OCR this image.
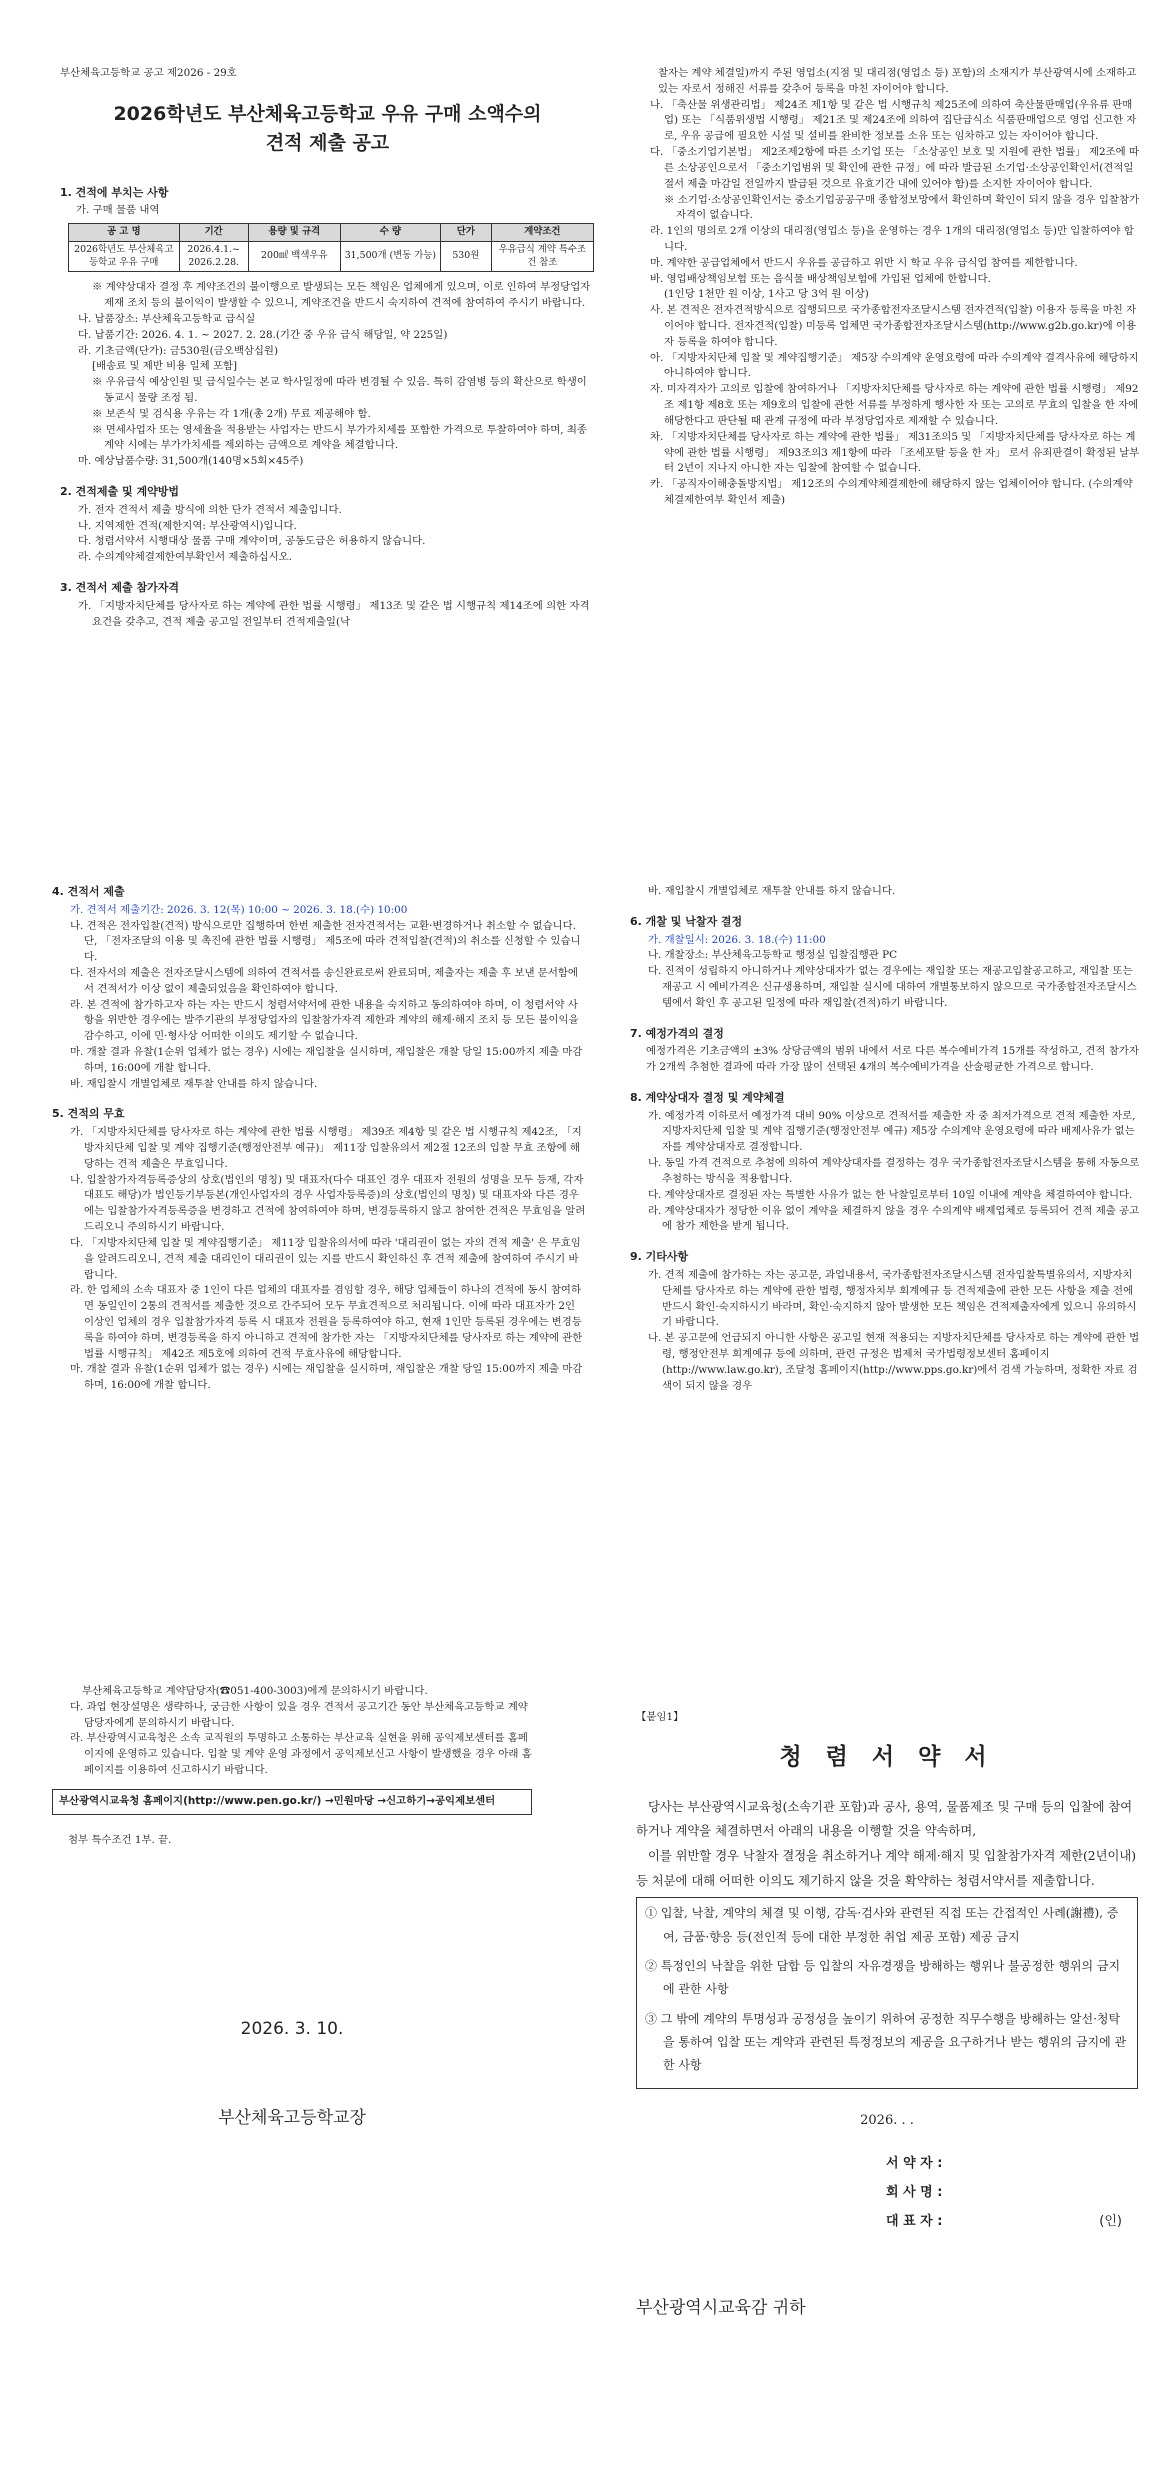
부산체육고등학교 공고 제2026 - 29호
2026학년도 부산체육고등학교 우유 구매 소액수의
견적 제출 공고
1. 견적에 부치는 사항

가. 구매 물품 내역

공 고 명	기간	용량 및 규격	수 량	단가	계약조건
2026학년도 부산체육고등학교 우유 구매	2026.4.1.~ 2026.2.28.	200㎖ 백색우유	31,500개 (변동 가능)	530원	우유급식 계약 특수조건 참조

※ 계약상대자 결정 후 계약조건의 불이행으로 발생되는 모든 책임은 업체에게 있으며, 이로 인하여 부정당업자 제재 조치 등의 불이익이 발생할 수 있으니, 계약조건을 반드시 숙지하여 견적에 참여하여 주시기 바랍니다.

나. 납품장소: 부산체육고등학교 급식실

다. 납품기간: 2026. 4. 1. ~ 2027. 2. 28.(기간 중 우유 급식 해당일, 약 225일)

라. 기초금액(단가): 금530원(금오백삼십원)

[배송료 및 제반 비용 일체 포함]

※ 우유급식 예상인원 및 급식일수는 본교 학사일정에 따라 변경될 수 있음. 특히 감염병 등의 확산으로 학생이동교시 물량 조정 됨.

※ 보존식 및 검식용 우유는 각 1개(총 2개) 무료 제공해야 함.

※ 면세사업자 또는 영세율을 적용받는 사업자는 반드시 부가가치세를 포함한 가격으로 투찰하여야 하며, 최종계약 시에는 부가가치세를 제외하는 금액으로 계약을 체결합니다.

마. 예상납품수량: 31,500개(140명×5회×45주)

2. 견적제출 및 계약방법

가. 전자 견적서 제출 방식에 의한 단가 견적서 제출입니다.

나. 지역제한 견적(제한지역: 부산광역시)입니다.

다. 청렴서약서 시행대상 물품 구매 계약이며, 공동도급은 허용하지 않습니다.

라. 수의계약체결제한여부확인서 제출하십시오.

3. 견적서 제출 참가자격

가. 「지방자치단체를 당사자로 하는 계약에 관한 법률 시행령」 제13조 및 같은 법 시행규칙 제14조에 의한 자격요건을 갖추고, 견적 제출 공고일 전일부터 견적제출일(낙

찰자는 계약 체결일)까지 주된 영업소(지점 및 대리점(영업소 등) 포함)의 소재지가 부산광역시에 소재하고 있는 자로서 정해진 서류를 갖추어 등록을 마친 자이어야 합니다.

나. 「축산물 위생관리법」 제24조 제1항 및 같은 법 시행규칙 제25조에 의하여 축산물판매업(우유류 판매업) 또는 「식품위생법 시행령」 제21조 및 제24조에 의하여 집단급식소 식품판매업으로 영업 신고한 자로, 우유 공급에 필요한 시설 및 설비를 완비한 정보를 소유 또는 임차하고 있는 자이어야 합니다.

다. 「중소기업기본법」 제2조제2항에 따른 소기업 또는 「소상공인 보호 및 지원에 관한 법률」 제2조에 따른 소상공인으로서 「중소기업범위 및 확인에 관한 규정」에 따라 발급된 소기업·소상공인확인서(견적일절서 제출 마감일 전일까지 발급된 것으로 유효기간 내에 있어야 함)를 소지한 자이어야 합니다.

※ 소기업·소상공인확인서는 중소기업공공구매 종합정보망에서 확인하며 확인이 되지 않을 경우 입찰참가 자격이 없습니다.

라. 1인의 명의로 2개 이상의 대리점(영업소 등)을 운영하는 경우 1개의 대리점(영업소 등)만 입찰하여야 합니다.

마. 계약한 공급업체에서 반드시 우유를 공급하고 위반 시 학교 우유 급식업 참여를 제한합니다.

바. 영업배상책임보험 또는 음식물 배상책임보험에 가입된 업체에 한합니다.

(1인당 1천만 원 이상, 1사고 당 3억 원 이상)

사. 본 견적은 전자견적방식으로 집행되므로 국가종합전자조달시스템 전자견적(입찰) 이용자 등록을 마친 자이어야 합니다. 전자견적(입찰) 미등록 업체면 국가종합전자조달시스템(http://www.g2b.go.kr)에 이용자 등록을 하여야 합니다.

아. 「지방자치단체 입찰 및 계약집행기준」 제5장 수의계약 운영요령에 따라 수의계약 결격사유에 해당하지 아니하여야 합니다.

자. 미자격자가 고의로 입찰에 참여하거나 「지방자치단체를 당사자로 하는 계약에 관한 법률 시행령」 제92조 제1항 제8호 또는 제9호의 입찰에 관한 서류를 부정하게 행사한 자 또는 고의로 무효의 입찰을 한 자에 해당한다고 판단될 때 관계 규정에 따라 부정당업자로 제재할 수 있습니다.

차. 「지방자치단체를 당사자로 하는 계약에 관한 법률」 제31조의5 및 「지방자치단체를 당사자로 하는 계약에 관한 법률 시행령」 제93조의3 제1항에 따라 「조세포탈 등을 한 자」 로서 유죄판결이 확정된 날부터 2년이 지나지 아니한 자는 입찰에 참여할 수 없습니다.

카. 「공직자이해충돌방지법」 제12조의 수의계약체결제한에 해당하지 않는 업체이어야 합니다. (수의계약체결제한여부 확인서 제출)

4. 견적서 제출

가. 견적서 제출기간: 2026. 3. 12(목) 10:00 ~ 2026. 3. 18.(수) 10:00

나. 견적은 전자입찰(견적) 방식으로만 집행하며 한번 제출한 전자견적서는 교환·변경하거나 취소할 수 없습니다. 단, 「전자조달의 이용 및 촉진에 관한 법률 시행령」 제5조에 따라 견적입찰(견적)의 취소를 신청할 수 있습니다.

다. 전자서의 제출은 전자조달시스템에 의하여 견적서를 송신완료로써 완료되며, 제출자는 제출 후 보낸 문서함에서 견적서가 이상 없이 제출되었음을 확인하여야 합니다.

라. 본 견적에 참가하고자 하는 자는 반드시 청렴서약서에 관한 내용을 숙지하고 동의하여야 하며, 이 청렴서약 사항을 위반한 경우에는 발주기관의 부정당업자의 입찰참가자격 제한과 계약의 해제·해지 조치 등 모든 불이익을 감수하고, 이에 민·형사상 어떠한 이의도 제기할 수 없습니다.

마. 개찰 결과 유찰(1순위 업체가 없는 경우) 시에는 재입찰을 실시하며, 재입찰은 개찰 당일 15:00까지 제출 마감하며, 16:00에 개찰 합니다.

바. 재입찰시 개별업체로 재투찰 안내를 하지 않습니다.

5. 견적의 무효

가. 「지방자치단체를 당사자로 하는 계약에 관한 법률 시행령」 제39조 제4항 및 같은 법 시행규칙 제42조, 「지방자치단체 입찰 및 계약 집행기준(행정안전부 예규)」 제11장 입찰유의서 제2절 12조의 입찰 무효 조항에 해당하는 견적 제출은 무효입니다.

나. 입찰참가자격등록증상의 상호(법인의 명칭) 및 대표자(다수 대표인 경우 대표자 전원의 성명을 모두 등재, 각자 대표도 해당)가 법인등기부등본(개인사업자의 경우 사업자등록증)의 상호(법인의 명칭) 및 대표자와 다른 경우에는 입찰참가자격등록증을 변경하고 견적에 참여하여야 하며, 변경등록하지 않고 참여한 견적은 무효임을 알려드리오니 주의하시기 바랍니다.

다. 「지방자치단체 입찰 및 계약집행기준」 제11장 입찰유의서에 따라 '대리권이 없는 자의 견적 제출' 은 무효임을 알려드리오니, 견적 제출 대리인이 대리권이 있는 지를 반드시 확인하신 후 견적 제출에 참여하여 주시기 바랍니다.

라. 한 업체의 소속 대표자 중 1인이 다른 업체의 대표자를 겸임할 경우, 해당 업체들이 하나의 견적에 동시 참여하면 동일인이 2통의 견적서를 제출한 것으로 간주되어 모두 무효견적으로 처리됩니다. 이에 따라 대표자가 2인 이상인 업체의 경우 입찰참가자격 등록 시 대표자 전원을 등록하여야 하고, 현재 1인만 등록된 경우에는 변경등록을 하여야 하며, 변경등록을 하지 아니하고 견적에 참가한 자는 「지방자치단체를 당사자로 하는 계약에 관한 법률 시행규칙」 제42조 제5호에 의하여 견적 무효사유에 해당합니다.

마. 개찰 결과 유찰(1순위 업체가 없는 경우) 시에는 재입찰을 실시하며, 재입찰은 개찰 당일 15:00까지 제출 마감하며, 16:00에 개찰 합니다.

바. 재입찰시 개별업체로 재투찰 안내를 하지 않습니다.

6. 개찰 및 낙찰자 결정

가. 개찰일시: 2026. 3. 18.(수) 11:00

나. 개찰장소: 부산체육고등학교 행정실 입찰집행관 PC

다. 진적이 성립하지 아니하거나 계약상대자가 없는 경우에는 재입찰 또는 재공고입찰공고하고, 재입찰 또는 재공고 시 예비가격은 신규생용하며, 재입찰 실시에 대하여 개별통보하지 않으므로 국가종합전자조달시스템에서 확인 후 공고된 일정에 따라 재입찰(견적)하기 바랍니다.

7. 예정가격의 결정

예정가격은 기초금액의 ±3% 상당금액의 범위 내에서 서로 다른 복수예비가격 15개를 작성하고, 견적 참가자가 2개씩 추첨한 결과에 따라 가장 많이 선택된 4개의 복수예비가격을 산술평균한 가격으로 합니다.

8. 계약상대자 결정 및 계약체결

가. 예정가격 이하로서 예정가격 대비 90% 이상으로 견적서를 제출한 자 중 최저가격으로 견적 제출한 자로, 지방자치단체 입찰 및 계약 집행기준(행정안전부 예규) 제5장 수의계약 운영요령에 따라 배제사유가 없는 자를 계약상대자로 결정합니다.

나. 동일 가격 견적으로 추첨에 의하여 계약상대자를 결정하는 경우 국가종합전자조달시스템을 통해 자동으로 추첨하는 방식을 적용합니다.

다. 계약상대자로 결정된 자는 특별한 사유가 없는 한 낙찰일로부터 10일 이내에 계약을 체결하여야 합니다.

라. 계약상대자가 정당한 이유 없이 계약을 체결하지 않을 경우 수의계약 배제업체로 등록되어 견적 제출 공고에 참가 제한을 받게 됩니다.

9. 기타사항

가. 견적 제출에 참가하는 자는 공고문, 과업내용서, 국가종합전자조달시스템 전자입찰특별유의서, 지방자치단체를 당사자로 하는 계약에 관한 법령, 행정자치부 회계예규 등 견적제출에 관한 모든 사항을 제출 전에 반드시 확인·숙지하시기 바라며, 확인·숙지하지 않아 발생한 모든 책임은 견적제출자에게 있으니 유의하시기 바랍니다.

나. 본 공고문에 언급되지 아니한 사항은 공고일 현재 적용되는 지방자치단체를 당사자로 하는 계약에 관한 법령, 행정안전부 회계예규 등에 의하며, 관련 규정은 법제처 국가법령정보센터 홈페이지(http://www.law.go.kr), 조달청 홈페이지(http://www.pps.go.kr)에서 검색 가능하며, 정확한 자료 검색이 되지 않을 경우

부산체육고등학교 계약담당자(☎051-400-3003)에게 문의하시기 바랍니다.

다. 과업 현장설명은 생략하나, 궁금한 사항이 있을 경우 견적서 공고기간 동안 부산체육고등학교 계약담당자에게 문의하시기 바랍니다.

라. 부산광역시교육청은 소속 교직원의 투명하고 소통하는 부산교육 실현을 위해 공익제보센터를 홈페이지에 운영하고 있습니다. 입찰 및 계약 운영 과정에서 공익제보신고 사항이 발생했을 경우 아래 홈페이지를 이용하여 신고하시기 바랍니다.

부산광역시교육청 홈페이지(http://www.pen.go.kr/) →민원마당 →신고하기→공익제보센터

첨부 특수조건 1부. 끝.

2026. 3. 10.
부산체육고등학교장
【붙임1】
청 렴 서 약 서

당사는 부산광역시교육청(소속기관 포함)과 공사, 용역, 물품제조 및 구매 등의 입찰에 참여하거나 계약을 체결하면서 아래의 내용을 이행할 것을 약속하며,

이를 위반할 경우 낙찰자 결정을 취소하거나 계약 해제·해지 및 입찰참가자격 제한(2년이내) 등 처분에 대해 어떠한 이의도 제기하지 않을 것을 확약하는 청렴서약서를 제출합니다.

① 입찰, 낙찰, 계약의 체결 및 이행, 감독·검사와 관련된 직접 또는 간접적인 사례(謝禮), 증여, 금품·향응 등(전인적 등에 대한 부정한 취업 제공 포함) 제공 금지

② 특정인의 낙찰을 위한 담합 등 입찰의 자유경쟁을 방해하는 행위나 불공정한 행위의 금지에 관한 사항

③ 그 밖에 계약의 투명성과 공정성을 높이기 위하여 공정한 직무수행을 방해하는 알선·청탁을 통하여 입찰 또는 계약과 관련된 특정정보의 제공을 요구하거나 받는 행위의 금지에 관한 사항

2026. . .
서 약 자 :
회 사 명 :
대 표 자 :	(인)
부산광역시교육감 귀하
